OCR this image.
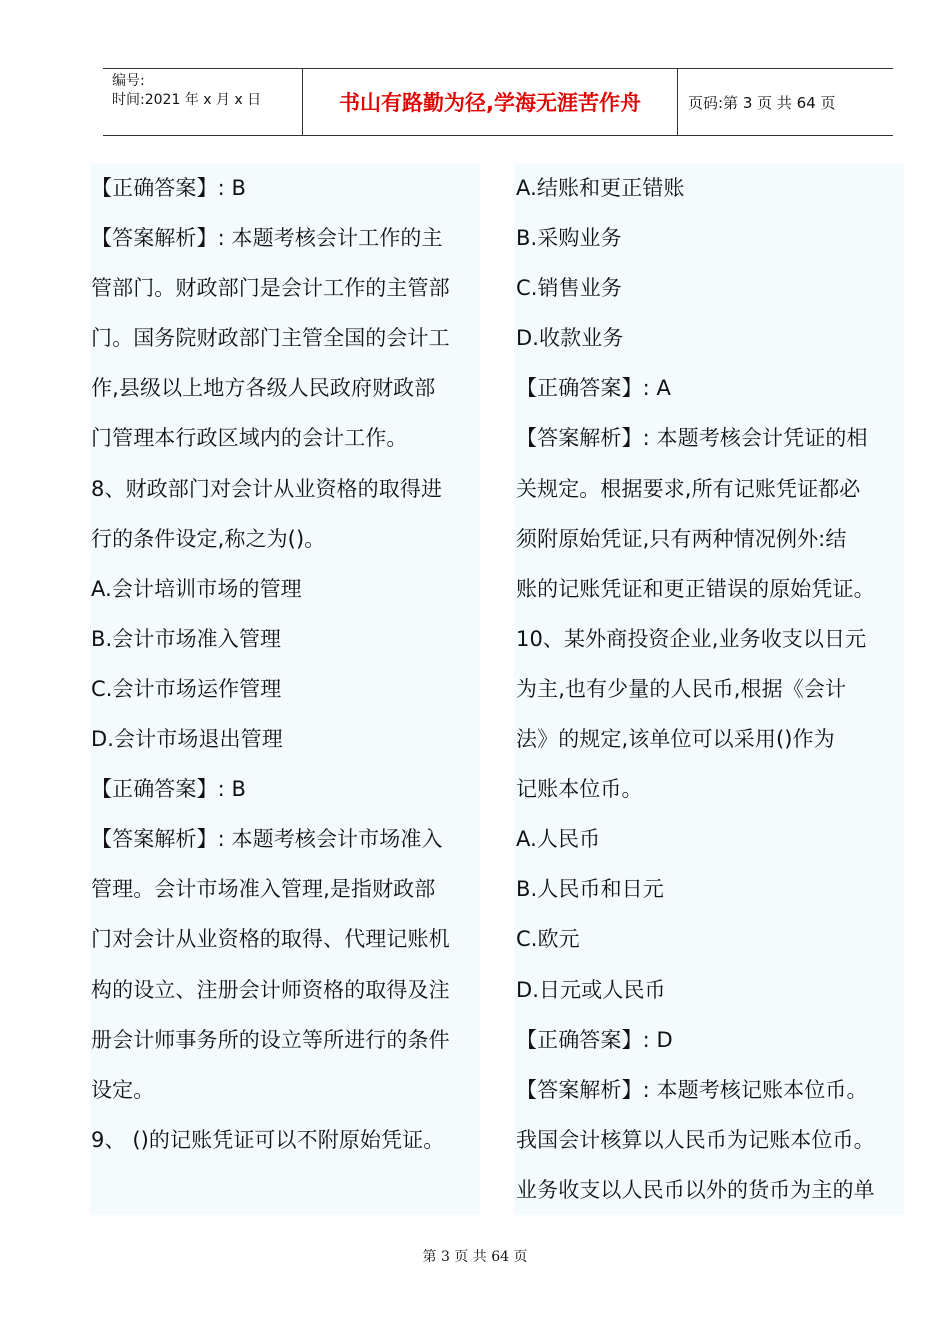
编号:
时间:2021 年 x 月 x 日	书山有路勤为径,学海无涯苦作舟	页码:第 3 页 共 64 页
【正确答案】: B
【答案解析】: 本题考核会计工作的主
管部门。财政部门是会计工作的主管部
门。国务院财政部门主管全国的会计工
作,县级以上地方各级人民政府财政部
门管理本行政区域内的会计工作。
8、财政部门对会计从业资格的取得进
行的条件设定,称之为()。
A.会计培训市场的管理
B.会计市场准入管理
C.会计市场运作管理
D.会计市场退出管理
【正确答案】: B
【答案解析】: 本题考核会计市场准入
管理。会计市场准入管理,是指财政部
门对会计从业资格的取得、代理记账机
构的设立、注册会计师资格的取得及注
册会计师事务所的设立等所进行的条件
设定。
9、 ()的记账凭证可以不附原始凭证。
A.结账和更正错账
B.采购业务
C.销售业务
D.收款业务
【正确答案】: A
【答案解析】: 本题考核会计凭证的相
关规定。根据要求,所有记账凭证都必
须附原始凭证,只有两种情况例外:结
账的记账凭证和更正错误的原始凭证。
10、某外商投资企业,业务收支以日元
为主,也有少量的人民币,根据《会计
法》的规定,该单位可以采用()作为
记账本位币。
A.人民币
B.人民币和日元
C.欧元
D.日元或人民币
【正确答案】: D
【答案解析】: 本题考核记账本位币。
我国会计核算以人民币为记账本位币。
业务收支以人民币以外的货币为主的单
第 3 页 共 64 页
